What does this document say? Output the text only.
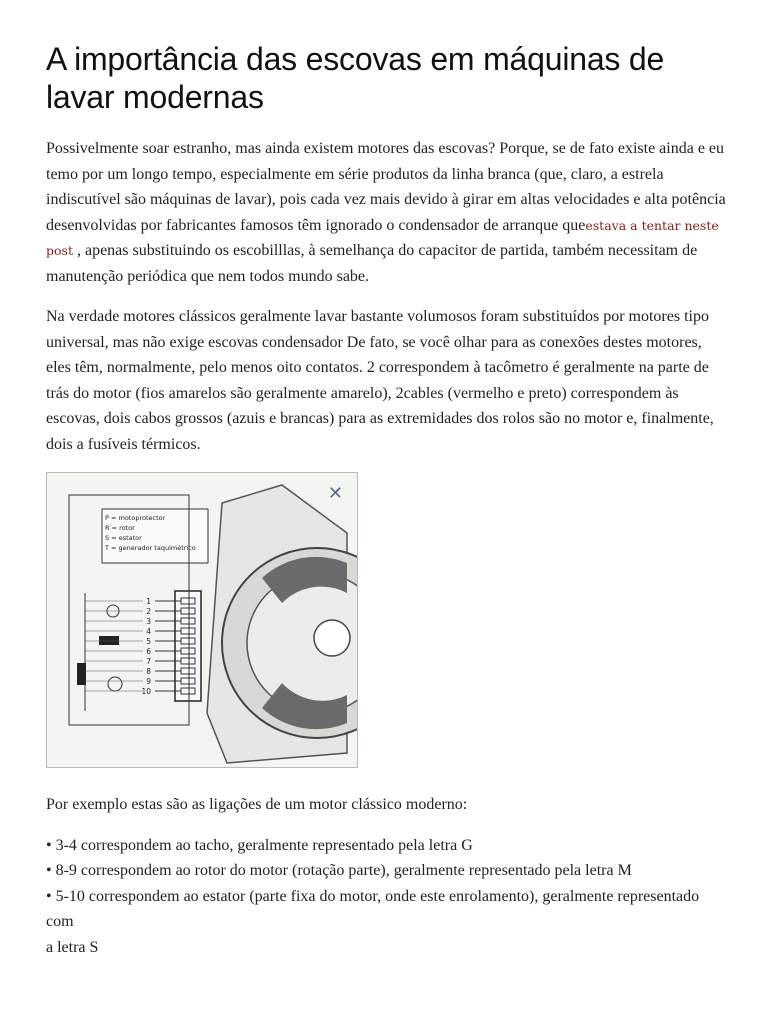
A importância das escovas em máquinas de lavar modernas

Possivelmente soar estranho, mas ainda existem motores das escovas? Porque, se de fato existe ainda e eu temo por um longo tempo, especialmente em série produtos da linha branca (que, claro, a estrela indiscutível são máquinas de lavar), pois cada vez mais devido à girar em altas velocidades e alta potência desenvolvidas por fabricantes famosos têm ignorado o condensador de arranque queestava a tentar neste post , apenas substituindo os escobilllas, à semelhança do capacitor de partida, também necessitam de manutenção periódica que nem todos mundo sabe.

Na verdade motores clássicos geralmente lavar bastante volumosos foram substituídos por motores tipo universal, mas não exige escovas condensador De fato, se você olhar para as conexões destes motores, eles têm, normalmente, pelo menos oito contatos. 2 correspondem à tacômetro é geralmente na parte de trás do motor (fios amarelos são geralmente amarelo), 2cables (vermelho e preto) correspondem às escovas, dois cabos grossos (azuis e brancas) para as extremidades dos rolos são no motor e, finalmente, dois a fusíveis térmicos.

✕
P = motoprotector
R = rotor
S = estator
T = generador taquimétrico
1
2
3
4
5
6
7
8
9
10

Por exemplo estas são as ligações de um motor clássico moderno:

• 3-4 correspondem ao tacho, geralmente representado pela letra G
• 8-9 correspondem ao rotor do motor (rotação parte), geralmente representado pela letra M
• 5-10 correspondem ao estator (parte fixa do motor, onde este enrolamento), geralmente representado com
a letra S
